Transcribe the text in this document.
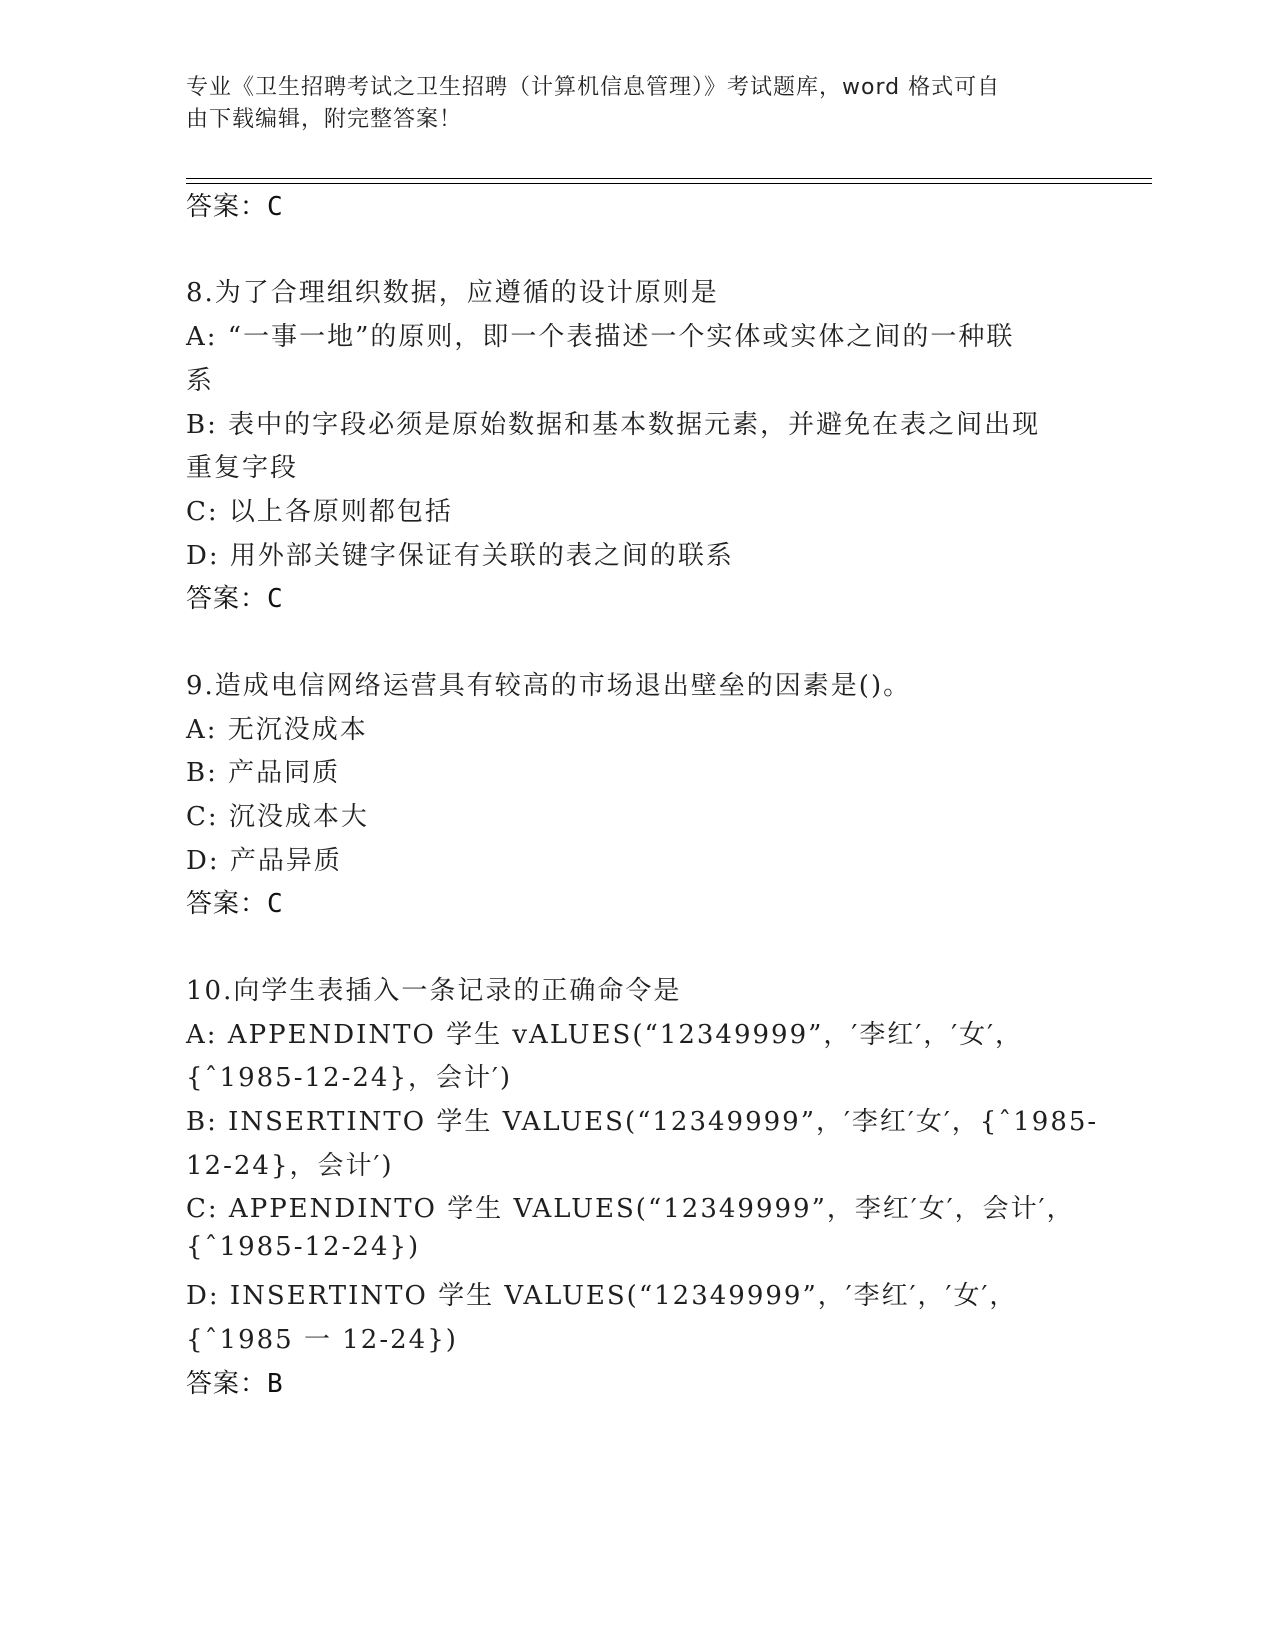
专业《卫生招聘考试之卫生招聘（计算机信息管理）》考试题库，word 格式可自
由下载编辑，附完整答案！
答案：C
8.为了合理组织数据，应遵循的设计原则是
A: “一事一地”的原则，即一个表描述一个实体或实体之间的一种联
系
B: 表中的字段必须是原始数据和基本数据元素，并避免在表之间出现
重复字段
C: 以上各原则都包括
D: 用外部关键字保证有关联的表之间的联系
答案：C
9.造成电信网络运营具有较高的市场退出壁垒的因素是()。
A: 无沉没成本
B: 产品同质
C: 沉没成本大
D: 产品异质
答案：C
10.向学生表插入一条记录的正确命令是
A: APPENDINTO 学生 vALUES(“12349999”，′李红′，′女′，
{ˆ1985-12-24}，会计′)
B: INSERTINTO 学生 VALUES(“12349999”，′李红′女′，{ˆ1985-
12-24}，会计′)
C: APPENDINTO 学生 VALUES(“12349999”，李红′女′，会计′，
{ˆ1985-12-24})
D: INSERTINTO 学生 VALUES(“12349999”，′李红′，′女′，
{ˆ1985 一 12-24})
答案：B
